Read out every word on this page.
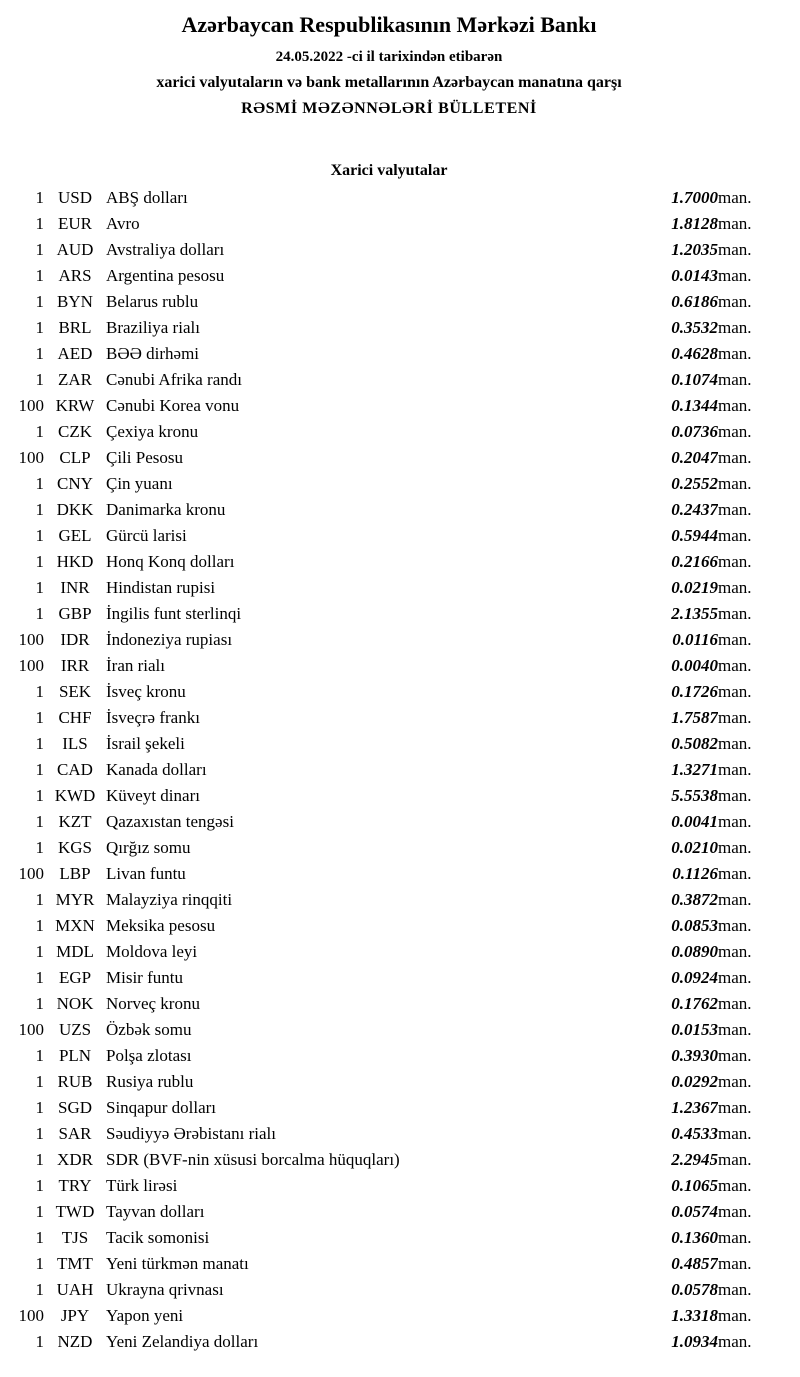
Azərbaycan Respublikasının Mərkəzi Bankı

24.05.2022 -ci il tarixindən etibarən

xarici valyutaların və bank metallarının Azərbaycan manatına qarşı

RƏSMİ MƏZƏNNƏLƏRİ BÜLLETENİ

Xarici valyutalar
1	USD	ABŞ dolları	1.7000	man.
1	EUR	Avro	1.8128	man.
1	AUD	Avstraliya dolları	1.2035	man.
1	ARS	Argentina pesosu	0.0143	man.
1	BYN	Belarus rublu	0.6186	man.
1	BRL	Braziliya rialı	0.3532	man.
1	AED	BƏƏ dirhəmi	0.4628	man.
1	ZAR	Cənubi Afrika randı	0.1074	man.
100	KRW	Cənubi Korea vonu	0.1344	man.
1	CZK	Çexiya kronu	0.0736	man.
100	CLP	Çili Pesosu	0.2047	man.
1	CNY	Çin yuanı	0.2552	man.
1	DKK	Danimarka kronu	0.2437	man.
1	GEL	Gürcü larisi	0.5944	man.
1	HKD	Honq Konq dolları	0.2166	man.
1	INR	Hindistan rupisi	0.0219	man.
1	GBP	İngilis funt sterlinqi	2.1355	man.
100	IDR	İndoneziya rupiası	0.0116	man.
100	IRR	İran rialı	0.0040	man.
1	SEK	İsveç kronu	0.1726	man.
1	CHF	İsveçrə frankı	1.7587	man.
1	ILS	İsrail şekeli	0.5082	man.
1	CAD	Kanada dolları	1.3271	man.
1	KWD	Küveyt dinarı	5.5538	man.
1	KZT	Qazaxıstan tengəsi	0.0041	man.
1	KGS	Qırğız somu	0.0210	man.
100	LBP	Livan funtu	0.1126	man.
1	MYR	Malayziya rinqqiti	0.3872	man.
1	MXN	Meksika pesosu	0.0853	man.
1	MDL	Moldova leyi	0.0890	man.
1	EGP	Misir funtu	0.0924	man.
1	NOK	Norveç kronu	0.1762	man.
100	UZS	Özbək somu	0.0153	man.
1	PLN	Polşa zlotası	0.3930	man.
1	RUB	Rusiya rublu	0.0292	man.
1	SGD	Sinqapur dolları	1.2367	man.
1	SAR	Səudiyyə Ərəbistanı rialı	0.4533	man.
1	XDR	SDR (BVF-nin xüsusi borcalma hüquqları)	2.2945	man.
1	TRY	Türk lirəsi	0.1065	man.
1	TWD	Tayvan dolları	0.0574	man.
1	TJS	Tacik somonisi	0.1360	man.
1	TMT	Yeni türkmən manatı	0.4857	man.
1	UAH	Ukrayna qrivnası	0.0578	man.
100	JPY	Yapon yeni	1.3318	man.
1	NZD	Yeni Zelandiya dolları	1.0934	man.
